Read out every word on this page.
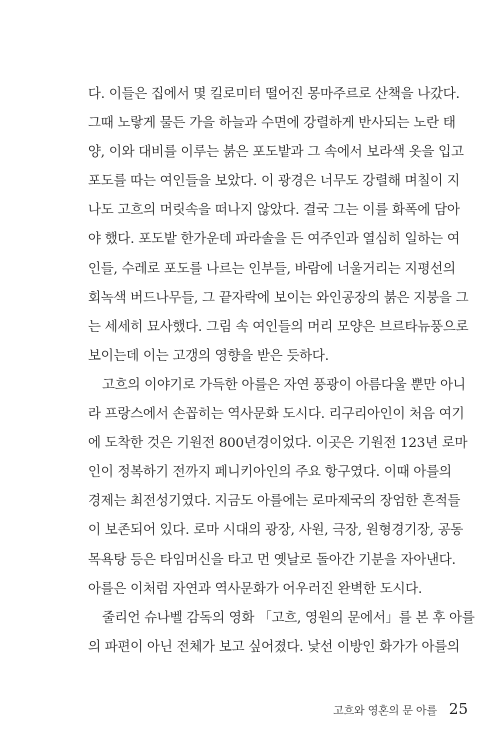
다. 이들은 집에서 몇 킬로미터 떨어진 몽마주르로 산책을 나갔다.
그때 노랗게 물든 가을 하늘과 수면에 강렬하게 반사되는 노란 태
양, 이와 대비를 이루는 붉은 포도밭과 그 속에서 보라색 옷을 입고
포도를 따는 여인들을 보았다. 이 광경은 너무도 강렬해 며칠이 지
나도 고흐의 머릿속을 떠나지 않았다. 결국 그는 이를 화폭에 담아
야 했다. 포도밭 한가운데 파라솔을 든 여주인과 열심히 일하는 여
인들, 수레로 포도를 나르는 인부들, 바람에 너울거리는 지평선의
회녹색 버드나무들, 그 끝자락에 보이는 와인공장의 붉은 지붕을 그
는 세세히 묘사했다. 그림 속 여인들의 머리 모양은 브르타뉴풍으로
보이는데 이는 고갱의 영향을 받은 듯하다.
고흐의 이야기로 가득한 아를은 자연 풍광이 아름다울 뿐만 아니
라 프랑스에서 손꼽히는 역사문화 도시다. 리구리아인이 처음 여기
에 도착한 것은 기원전 800년경이었다. 이곳은 기원전 123년 로마
인이 정복하기 전까지 페니키아인의 주요 항구였다. 이때 아를의
경제는 최전성기였다. 지금도 아를에는 로마제국의 장엄한 흔적들
이 보존되어 있다. 로마 시대의 광장, 사원, 극장, 원형경기장, 공동
목욕탕 등은 타임머신을 타고 먼 옛날로 돌아간 기분을 자아낸다.
아를은 이처럼 자연과 역사문화가 어우러진 완벽한 도시다.
줄리언 슈나벨 감독의 영화 「고흐, 영원의 문에서」를 본 후 아를
의 파편이 아닌 전체가 보고 싶어졌다. 낯선 이방인 화가가 아를의
고흐와 영혼의 문 아를 25
